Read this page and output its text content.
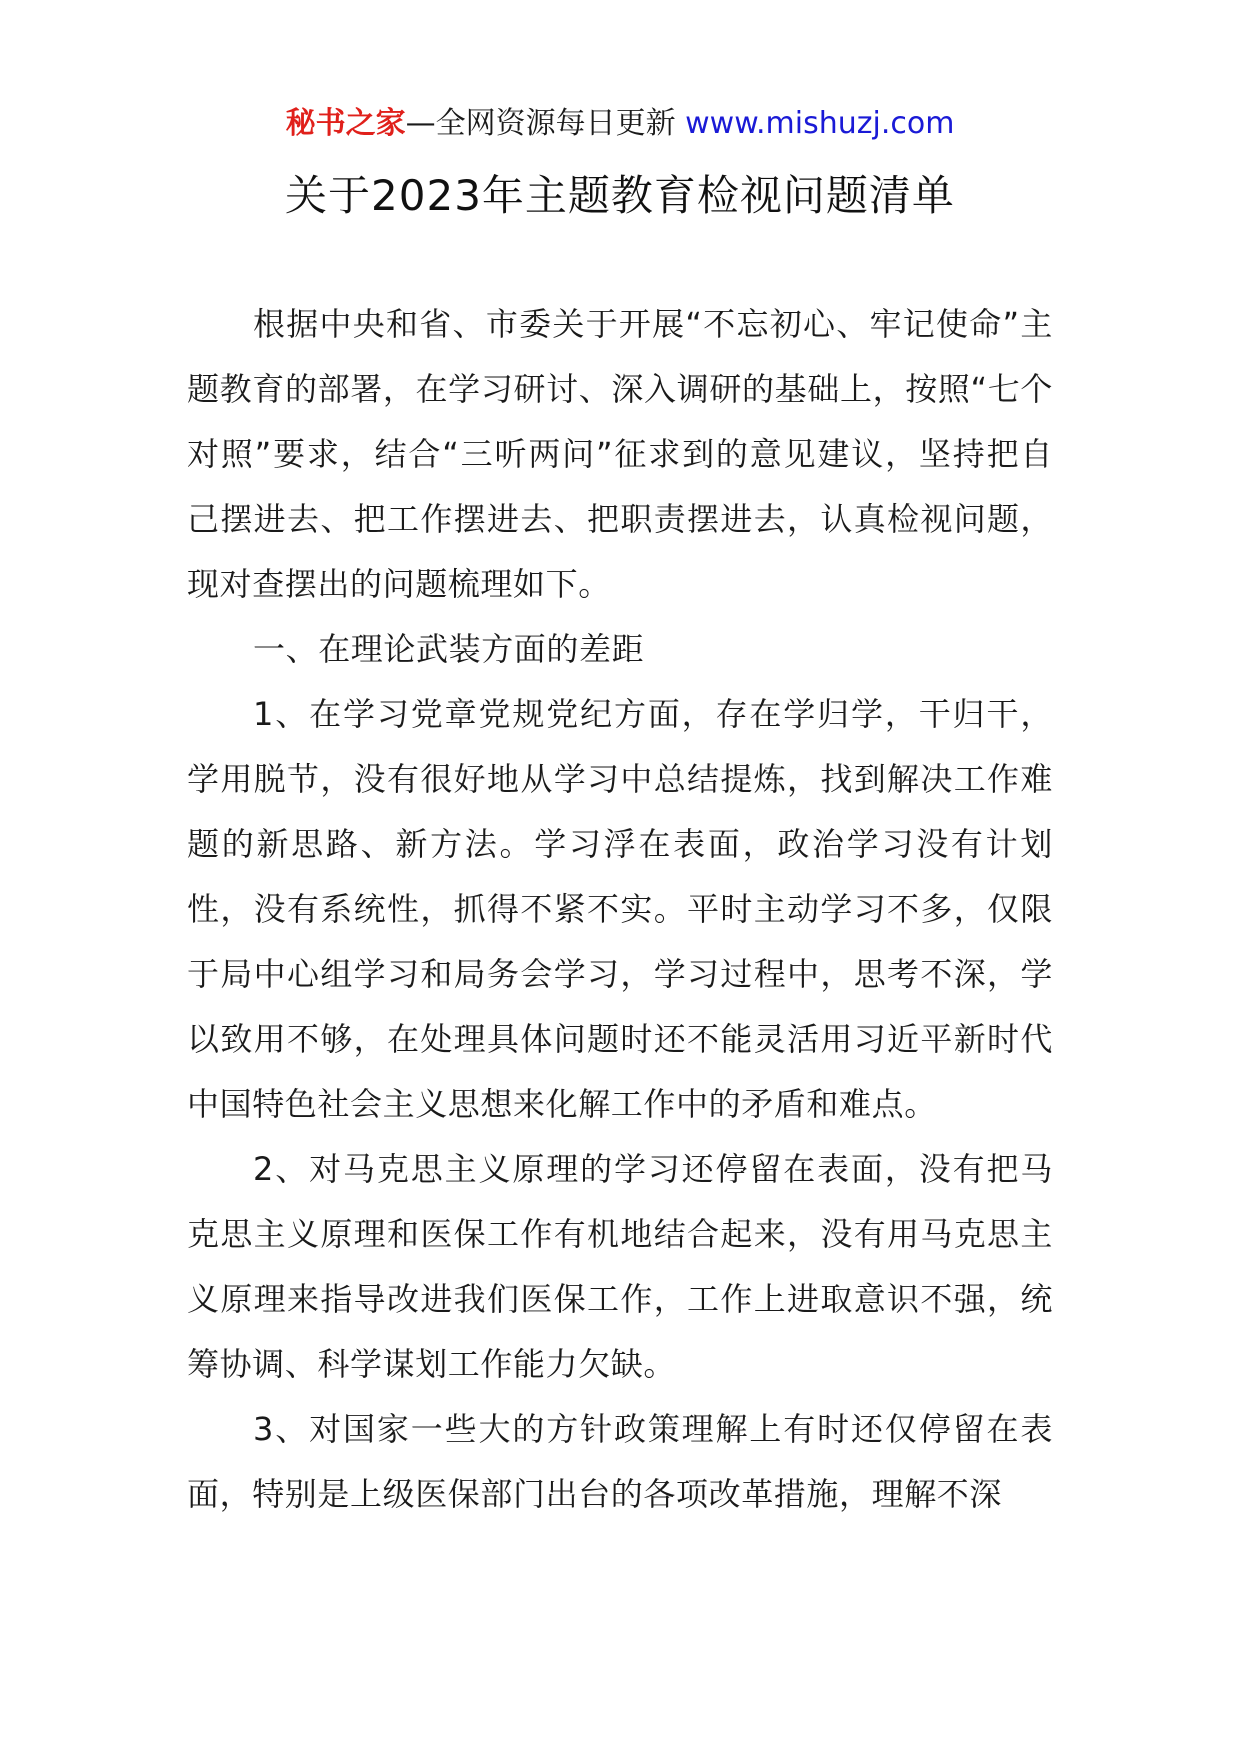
秘书之家—全网资源每日更新 www.mishuzj.com
关于2023年主题教育检视问题清单

根据中央和省、市委关于开展“不忘初心、牢记使命”主题教育的部署，在学习研讨、深入调研的基础上，按照“七个对照”要求，结合“三听两问”征求到的意见建议，坚持把自己摆进去、把工作摆进去、把职责摆进去，认真检视问题，现对查摆出的问题梳理如下。

一、在理论武装方面的差距

1、在学习党章党规党纪方面，存在学归学，干归干，学用脱节，没有很好地从学习中总结提炼，找到解决工作难题的新思路、新方法。学习浮在表面，政治学习没有计划性，没有系统性，抓得不紧不实。平时主动学习不多，仅限于局中心组学习和局务会学习，学习过程中，思考不深，学以致用不够，在处理具体问题时还不能灵活用习近平新时代中国特色社会主义思想来化解工作中的矛盾和难点。

2、对马克思主义原理的学习还停留在表面，没有把马克思主义原理和医保工作有机地结合起来，没有用马克思主义原理来指导改进我们医保工作，工作上进取意识不强，统筹协调、科学谋划工作能力欠缺。

3、对国家一些大的方针政策理解上有时还仅停留在表面，特别是上级医保部门出台的各项改革措施，理解不深
